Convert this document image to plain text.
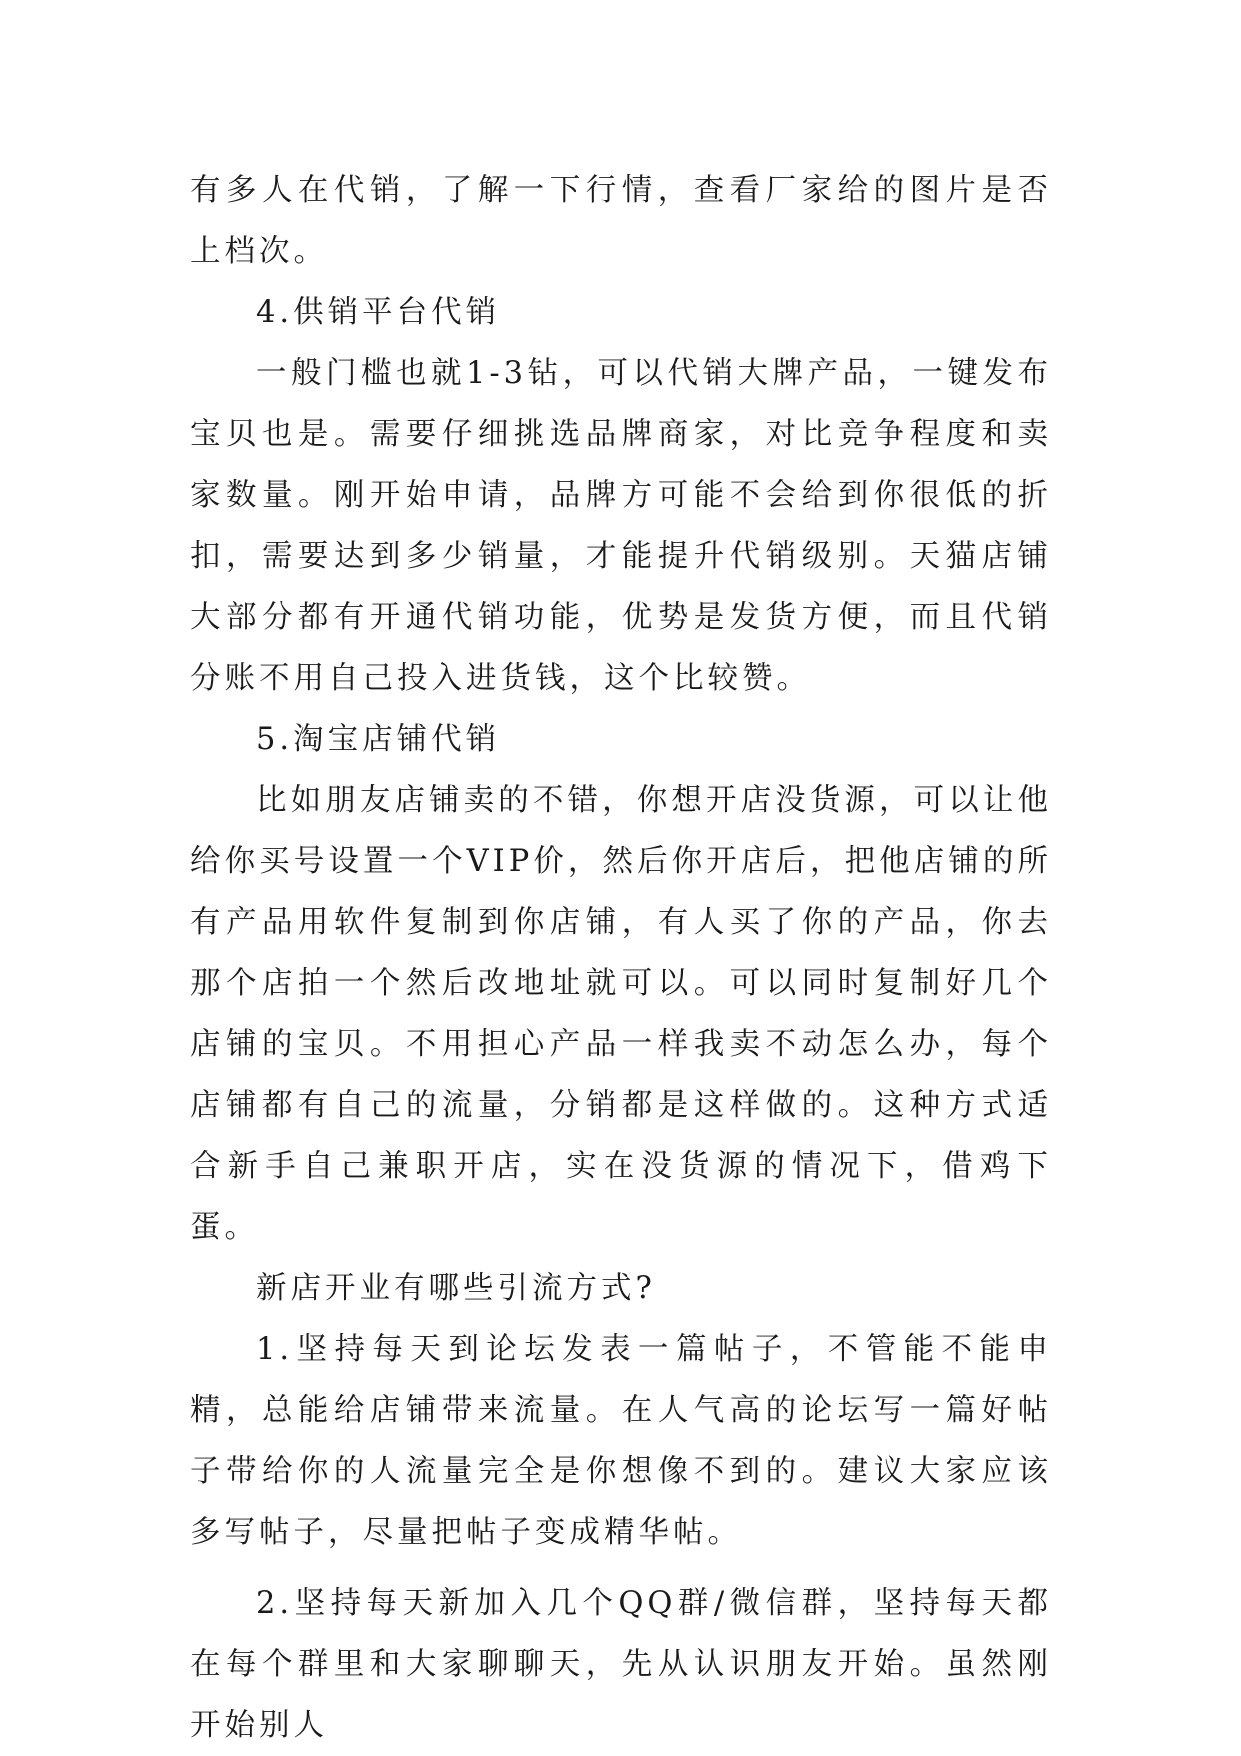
有多人在代销，了解一下行情，查看厂家给的图片是否上档次。

4.供销平台代销

一般门槛也就1-3钻，可以代销大牌产品，一键发布宝贝也是。需要仔细挑选品牌商家，对比竞争程度和卖家数量。刚开始申请，品牌方可能不会给到你很低的折扣，需要达到多少销量，才能提升代销级别。天猫店铺大部分都有开通代销功能，优势是发货方便，而且代销分账不用自己投入进货钱，这个比较赞。

5.淘宝店铺代销

比如朋友店铺卖的不错，你想开店没货源，可以让他给你买号设置一个VIP价，然后你开店后，把他店铺的所有产品用软件复制到你店铺，有人买了你的产品，你去那个店拍一个然后改地址就可以。可以同时复制好几个店铺的宝贝。不用担心产品一样我卖不动怎么办，每个店铺都有自己的流量，分销都是这样做的。这种方式适合新手自己兼职开店，实在没货源的情况下，借鸡下蛋。

新店开业有哪些引流方式?

1.坚持每天到论坛发表一篇帖子，不管能不能申精，总能给店铺带来流量。在人气高的论坛写一篇好帖子带给你的人流量完全是你想像不到的。建议大家应该多写帖子，尽量把帖子变成精华帖。

2.坚持每天新加入几个QQ群/微信群，坚持每天都在每个群里和大家聊聊天，先从认识朋友开始。虽然刚开始别人
